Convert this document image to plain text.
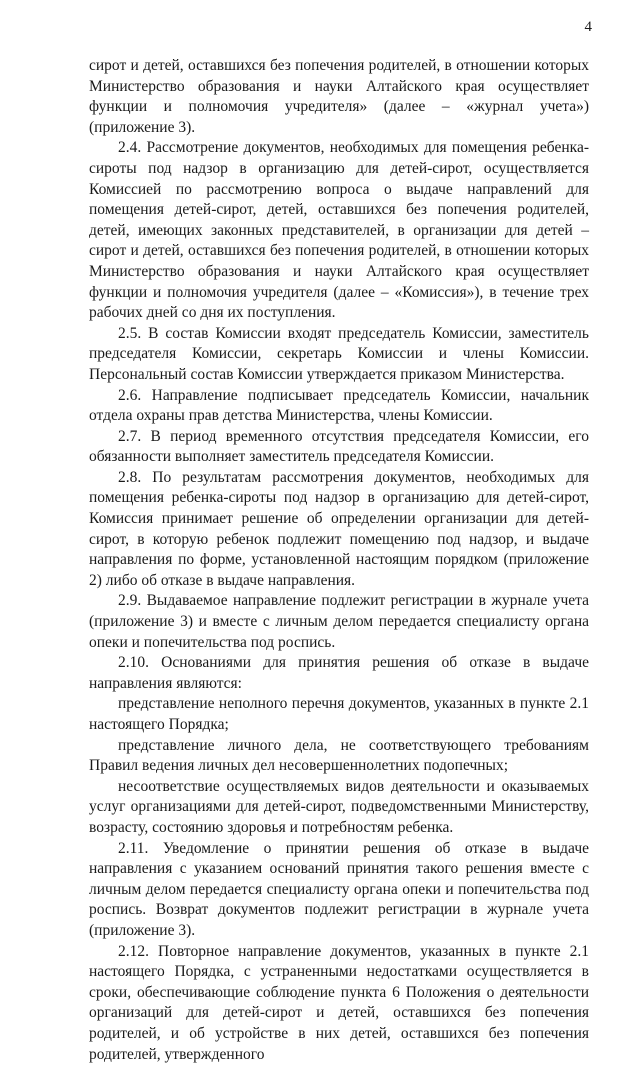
4

сирот и детей, оставшихся без попечения родителей, в отношении которых Министерство образования и науки Алтайского края осуществляет функции и полномочия учредителя» (далее – «журнал учета») (приложение 3).

2.4. Рассмотрение документов, необходимых для помещения ребенка-сироты под надзор в организацию для детей-сирот, осуществляется Комиссией по рассмотрению вопроса о выдаче направлений для помещения детей-сирот, детей, оставшихся без попечения родителей, детей, имеющих законных представителей, в организации для детей – сирот и детей, оставшихся без попечения родителей, в отношении которых Министерство образования и науки Алтайского края осуществляет функции и полномочия учредителя (далее – «Комиссия»), в течение трех рабочих дней со дня их поступления.

2.5. В состав Комиссии входят председатель Комиссии, заместитель председателя Комиссии, секретарь Комиссии и члены Комиссии. Персональный состав Комиссии утверждается приказом Министерства.

2.6. Направление подписывает председатель Комиссии, начальник отдела охраны прав детства Министерства, члены Комиссии.

2.7. В период временного отсутствия председателя Комиссии, его обязанности выполняет заместитель председателя Комиссии.

2.8. По результатам рассмотрения документов, необходимых для помещения ребенка-сироты под надзор в организацию для детей-сирот, Комиссия принимает решение об определении организации для детей-сирот, в которую ребенок подлежит помещению под надзор, и выдаче направления по форме, установленной настоящим порядком (приложение 2) либо об отказе в выдаче направления.

2.9. Выдаваемое направление подлежит регистрации в журнале учета (приложение 3) и вместе с личным делом передается специалисту органа опеки и попечительства под роспись.

2.10. Основаниями для принятия решения об отказе в выдаче направления являются:

представление неполного перечня документов, указанных в пункте 2.1 настоящего Порядка;

представление личного дела, не соответствующего требованиям Правил ведения личных дел несовершеннолетних подопечных;

несоответствие осуществляемых видов деятельности и оказываемых услуг организациями для детей-сирот, подведомственными Министерству, возрасту, состоянию здоровья и потребностям ребенка.

2.11. Уведомление о принятии решения об отказе в выдаче направления с указанием оснований принятия такого решения вместе с личным делом передается специалисту органа опеки и попечительства под роспись. Возврат документов подлежит регистрации в журнале учета (приложение 3).

2.12. Повторное направление документов, указанных в пункте 2.1 настоящего Порядка, с устраненными недостатками осуществляется в сроки, обеспечивающие соблюдение пункта 6 Положения о деятельности организаций для детей-сирот и детей, оставшихся без попечения родителей, и об устройстве в них детей, оставшихся без попечения родителей, утвержденного
